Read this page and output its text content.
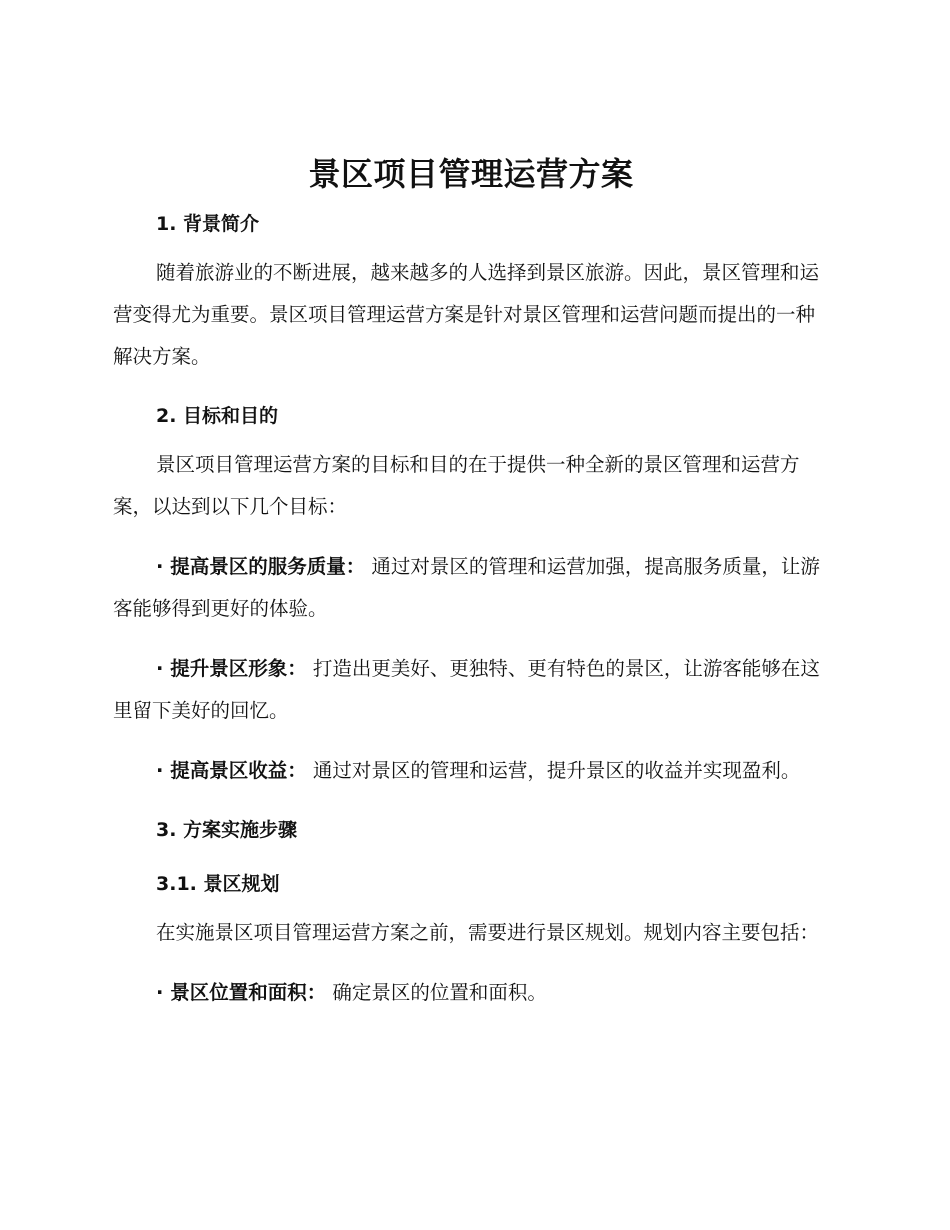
景区项目管理运营方案
1. 背景简介

随着旅游业的不断进展，越来越多的人选择到景区旅游。因此，景区管理和运营变得尤为重要。景区项目管理运营方案是针对景区管理和运营问题而提出的一种解决方案。

2. 目标和目的

景区项目管理运营方案的目标和目的在于提供一种全新的景区管理和运营方案，以达到以下几个目标：

· 提高景区的服务质量： 通过对景区的管理和运营加强，提高服务质量，让游客能够得到更好的体验。

· 提升景区形象： 打造出更美好、更独特、更有特色的景区，让游客能够在这里留下美好的回忆。

· 提高景区收益： 通过对景区的管理和运营，提升景区的收益并实现盈利。

3. 方案实施步骤
3.1. 景区规划

在实施景区项目管理运营方案之前，需要进行景区规划。规划内容主要包括：

· 景区位置和面积： 确定景区的位置和面积。
